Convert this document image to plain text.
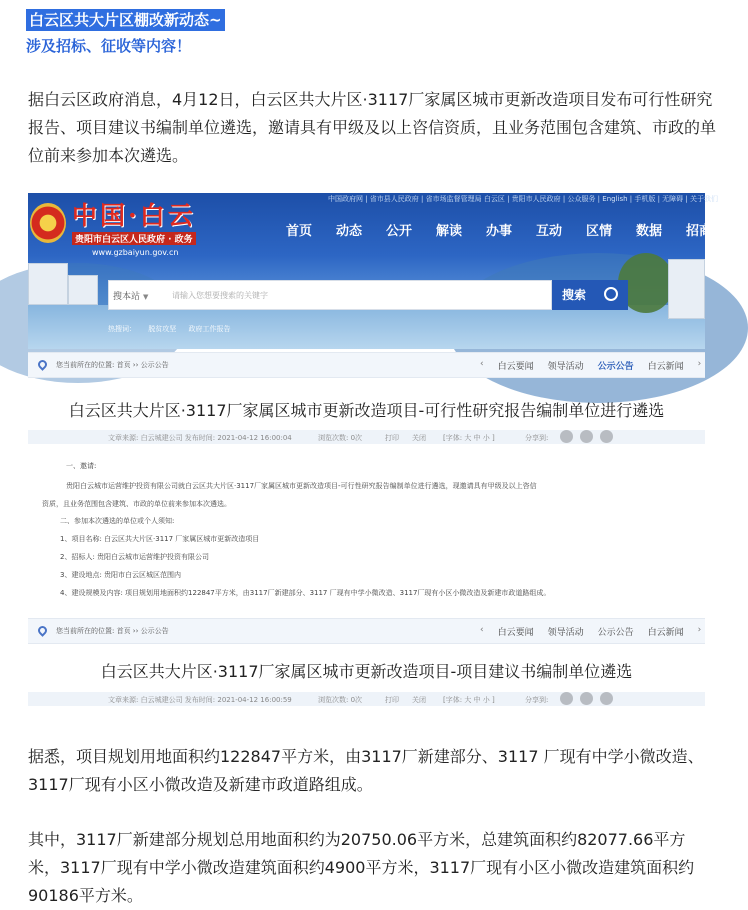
白云区共大片区棚改新动态~
涉及招标、征收等内容！

据白云区政府消息，4月12日，白云区共大片区·3117厂家属区城市更新改造项目发布可行性研究报告、项目建议书编制单位遴选，邀请具有甲级及以上咨信资质，且业务范围包含建筑、市政的单位前来参加本次遴选。

中国政府网 | 省市县人民政府 | 省市场监督管理局 白云区 | 贵阳市人民政府 | 公众服务 | English | 手机版 | 无障碍 | 关于我们
中国·白云
贵阳市白云区人民政府 · 政务
www.gzbaiyun.gov.cn
首页	动态	公开	解读	办事	互动	区情	数据	招商
搜本站 ▼	请输入您想要搜索的关键字	搜索
热搜词： 脱贫攻坚 政府工作报告
您当前所在的位置: 首页 ›› 公示公告	‹ 白云要闻 领导活动 公示公告 白云新闻 ›
白云区共大片区·3117厂家属区城市更新改造项目-可行性研究报告编制单位进行遴选
文章来源: 白云城建公司 发布时间: 2021-04-12 16:00:04	浏览次数: 0次	打印 关闭 [字体: 大 中 小 ]	分享到:
一、邀请:
贵阳白云城市运营维护投资有限公司就白云区共大片区·3117厂家属区城市更新改造项目-可行性研究报告编制单位进行遴选，现邀请具有甲级及以上咨信
资质，且业务范围包含建筑、市政的单位前来参加本次遴选。
二、参加本次遴选的单位或个人须知:
1、项目名称: 白云区共大片区·3117 厂家属区城市更新改造项目
2、招标人: 贵阳白云城市运营维护投资有限公司
3、建设地点: 贵阳市白云区城区范围内
4、建设规模及内容: 项目规划用地面积约122847平方米，由3117厂新建部分、3117 厂现有中学小微改造、3117厂现有小区小微改造及新建市政道路组成。
您当前所在的位置: 首页 ›› 公示公告	‹ 白云要闻 领导活动 公示公告 白云新闻 ›
白云区共大片区·3117厂家属区城市更新改造项目-项目建议书编制单位遴选
文章来源: 白云城建公司 发布时间: 2021-04-12 16:00:59	浏览次数: 0次	打印 关闭 [字体: 大 中 小 ]	分享到:

据悉，项目规划用地面积约122847平方米，由3117厂新建部分、3117 厂现有中学小微改造、3117厂现有小区小微改造及新建市政道路组成。

其中，3117厂新建部分规划总用地面积约为20750.06平方米，总建筑面积约82077.66平方米，3117厂现有中学小微改造建筑面积约4900平方米，3117厂现有小区小微改造建筑面积约90186平方米。
